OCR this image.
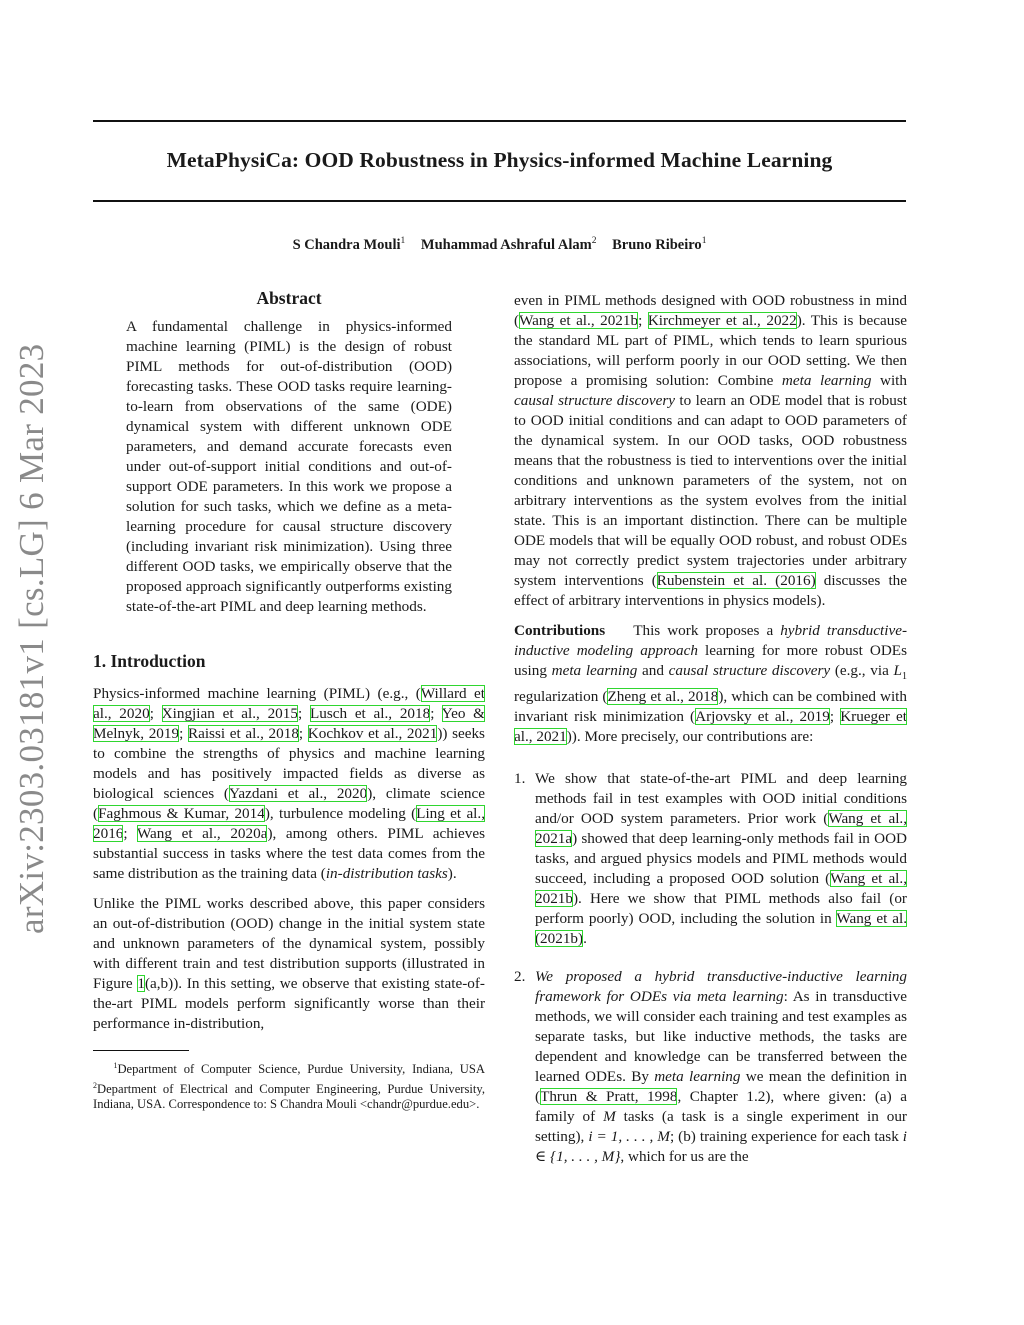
MetaPhysiCa: OOD Robustness in Physics-informed Machine Learning
S Chandra Mouli$^1$ Muhammad Ashraful Alam$^2$ Bruno Ribeiro$^1$
arXiv:2303.03181v1 [cs.LG] 6 Mar 2023
Abstract
A fundamental challenge in physics-informed machine learning (PIML) is the design of robust PIML methods for out-of-distribution (OOD) forecasting tasks. These OOD tasks require learning-to-learn from observations of the same (ODE) dynamical system with different unknown ODE parameters, and demand accurate forecasts even under out-of-support initial conditions and out-of-support ODE parameters. In this work we propose a solution for such tasks, which we define as a meta-learning procedure for causal structure discovery (including invariant risk minimization). Using three different OOD tasks, we empirically observe that the proposed approach significantly outperforms existing state-of-the-art PIML and deep learning methods.
1. Introduction

Physics-informed machine learning (PIML) (e.g., (Willard et al., 2020; Xingjian et al., 2015; Lusch et al., 2018; Yeo & Melnyk, 2019; Raissi et al., 2018; Kochkov et al., 2021)) seeks to combine the strengths of physics and machine learning models and has positively impacted fields as diverse as biological sciences (Yazdani et al., 2020), climate science (Faghmous & Kumar, 2014), turbulence modeling (Ling et al., 2016; Wang et al., 2020a), among others. PIML achieves substantial success in tasks where the test data comes from the same distribution as the training data (in-distribution tasks).

Unlike the PIML works described above, this paper considers an out-of-distribution (OOD) change in the initial system state and unknown parameters of the dynamical system, possibly with different train and test distribution supports (illustrated in Figure 1(a,b)). In this setting, we observe that existing state-of-the-art PIML models perform significantly worse than their performance in-distribution,

$^1$Department of Computer Science, Purdue University, Indiana, USA $^2$Department of Electrical and Computer Engineering, Purdue University, Indiana, USA. Correspondence to: S Chandra Mouli <chandr@purdue.edu>.

even in PIML methods designed with OOD robustness in mind (Wang et al., 2021b; Kirchmeyer et al., 2022). This is because the standard ML part of PIML, which tends to learn spurious associations, will perform poorly in our OOD setting. We then propose a promising solution: Combine meta learning with causal structure discovery to learn an ODE model that is robust to OOD initial conditions and can adapt to OOD parameters of the dynamical system. In our OOD tasks, OOD robustness means that the robustness is tied to interventions over the initial conditions and unknown parameters of the system, not on arbitrary interventions as the system evolves from the initial state. This is an important distinction. There can be multiple ODE models that will be equally OOD robust, and robust ODEs may not correctly predict system trajectories under arbitrary system interventions (Rubenstein et al. (2016) discusses the effect of arbitrary interventions in physics models).

Contributions This work proposes a hybrid transductive-inductive modeling approach learning for more robust ODEs using meta learning and causal structure discovery (e.g., via $L_1$ regularization (Zheng et al., 2018), which can be combined with invariant risk minimization (Arjovsky et al., 2019; Krueger et al., 2021)). More precisely, our contributions are:

1. We show that state-of-the-art PIML and deep learning methods fail in test examples with OOD initial conditions and/or OOD system parameters. Prior work (Wang et al., 2021a) showed that deep learning-only methods fail in OOD tasks, and argued physics models and PIML methods would succeed, including a proposed OOD solution (Wang et al., 2021b). Here we show that PIML methods also fail (or perform poorly) OOD, including the solution in Wang et al. (2021b).
2. We proposed a hybrid transductive-inductive learning framework for ODEs via meta learning: As in transductive methods, we will consider each training and test examples as separate tasks, but like inductive methods, the tasks are dependent and knowledge can be transferred between the learned ODEs. By meta learning we mean the definition in (Thrun & Pratt, 1998, Chapter 1.2), where given: (a) a family of M tasks (a task is a single experiment in our setting), i = 1, . . . , M; (b) training experience for each task i ∈ {1, . . . , M}, which for us are the
